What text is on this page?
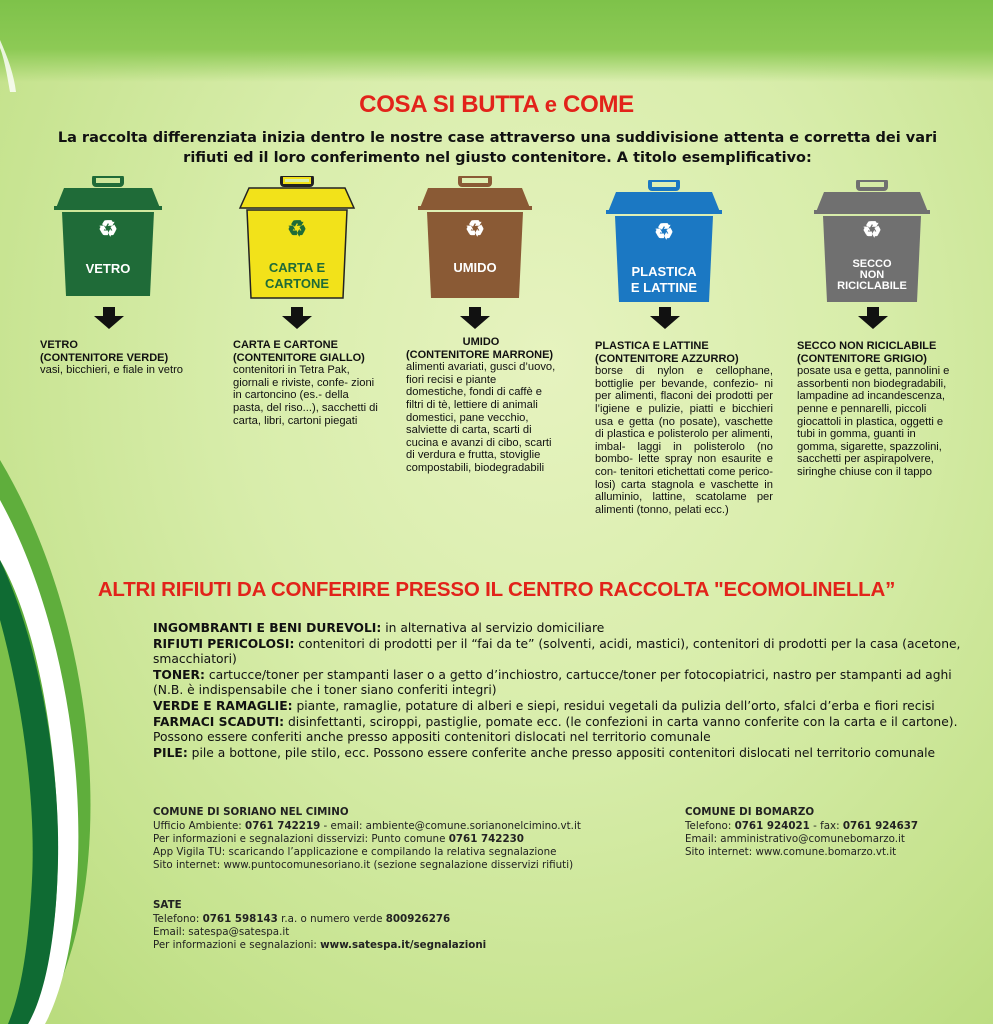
COSA SI BUTTA e COME

La raccolta differenziata inizia dentro le nostre case attraverso una suddivisione attenta e corretta dei vari rifiuti ed il loro conferimento nel giusto contenitore. A titolo esemplificativo:

♻
VETRO
♻
CARTA E
CARTONE
♻
UMIDO
♻
PLASTICA
E LATTINE
♻
SECCO
NON
RICICLABILE
VETRO
(CONTENITORE VERDE)
vasi, bicchieri, e fiale in vetro
CARTA E CARTONE
(CONTENITORE GIALLO)
contenitori in Tetra Pak, giornali e riviste, confe- zioni in cartoncino (es.- della pasta, del riso...), sacchetti di carta, libri, cartoni piegati
UMIDO
(CONTENITORE MARRONE)
alimenti avariati, gusci d’uovo, fiori recisi e piante domestiche, fondi di caffè e filtri di tè, lettiere di animali domestici, pane vecchio, salviette di carta, scarti di cucina e avanzi di cibo, scarti di verdura e frutta, stoviglie compostabili, biodegradabili
PLASTICA E LATTINE
(CONTENITORE AZZURRO)
borse di nylon e cellophane, bottiglie per bevande, confezio- ni per alimenti, flaconi dei prodotti per l’igiene e pulizie, piatti e bicchieri usa e getta (no posate), vaschette di plastica e polisterolo per alimenti, imbal- laggi in polisterolo (no bombo- lette spray non esaurite e con- tenitori etichettati come perico- losi) carta stagnola e vaschette in alluminio, lattine, scatolame per alimenti (tonno, pelati ecc.)
SECCO NON RICICLABILE
(CONTENITORE GRIGIO)
posate usa e getta, pannolini e assorbenti non biodegradabili, lampadine ad incandescenza, penne e pennarelli, piccoli giocattoli in plastica, oggetti e tubi in gomma, guanti in gomma, sigarette, spazzolini, sacchetti per aspirapolvere, siringhe chiuse con il tappo
ALTRI RIFIUTI DA CONFERIRE PRESSO IL CENTRO RACCOLTA "ECOMOLINELLA”

INGOMBRANTI E BENI DUREVOLI: in alternativa al servizio domiciliare

RIFIUTI PERICOLOSI: contenitori di prodotti per il “fai da te” (solventi, acidi, mastici), contenitori di prodotti per la casa (acetone, smacchiatori)

TONER: cartucce/toner per stampanti laser o a getto d’inchiostro, cartucce/toner per fotocopiatrici, nastro per stampanti ad aghi (N.B. è indispensabile che i toner siano conferiti integri)

VERDE E RAMAGLIE: piante, ramaglie, potature di alberi e siepi, residui vegetali da pulizia dell’orto, sfalci d’erba e fiori recisi

FARMACI SCADUTI: disinfettanti, sciroppi, pastiglie, pomate ecc. (le confezioni in carta vanno conferite con la carta e il cartone). Possono essere conferiti anche presso appositi contenitori dislocati nel territorio comunale

PILE: pile a bottone, pile stilo, ecc. Possono essere conferite anche presso appositi contenitori dislocati nel territorio comunale

COMUNE DI SORIANO NEL CIMINO

Ufficio Ambiente: 0761 742219 - email: ambiente@comune.sorianonelcimino.vt.it

Per informazioni e segnalazioni disservizi: Punto comune 0761 742230

App Vigila TU: scaricando l’applicazione e compilando la relativa segnalazione

Sito internet: www.puntocomunesoriano.it (sezione segnalazione disservizi rifiuti)

COMUNE DI BOMARZO

Telefono: 0761 924021 - fax: 0761 924637

Email: amministrativo@comunebomarzo.it

Sito internet: www.comune.bomarzo.vt.it

SATE

Telefono: 0761 598143 r.a. o numero verde 800926276

Email: satespa@satespa.it

Per informazioni e segnalazioni: www.satespa.it/segnalazioni
